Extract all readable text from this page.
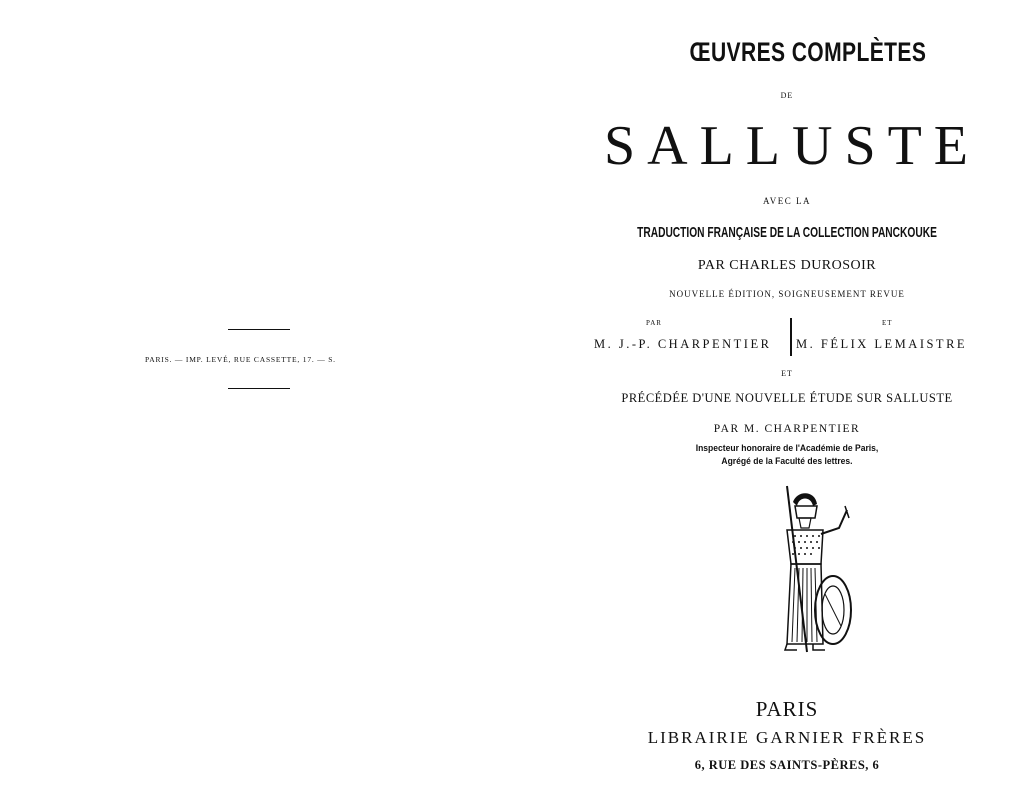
PARIS. — IMP. LEVÉ, RUE CASSETTE, 17. — S.
ŒUVRES COMPLÈTES
DE
SALLUSTE
AVEC LA
TRADUCTION FRANÇAISE DE LA COLLECTION PANCKOUKE
PAR CHARLES DUROSOIR
NOUVELLE ÉDITION, SOIGNEUSEMENT REVUE
PAR	ET
M. J.-P. CHARPENTIER M. FÉLIX LEMAISTRE
ET
PRÉCÉDÉE D'UNE NOUVELLE ÉTUDE SUR SALLUSTE
PAR M. CHARPENTIER
Inspecteur honoraire de l'Académie de Paris,
Agrégé de la Faculté des lettres.
PARIS
LIBRAIRIE GARNIER FRÈRES
6, RUE DES SAINTS-PÈRES, 6
